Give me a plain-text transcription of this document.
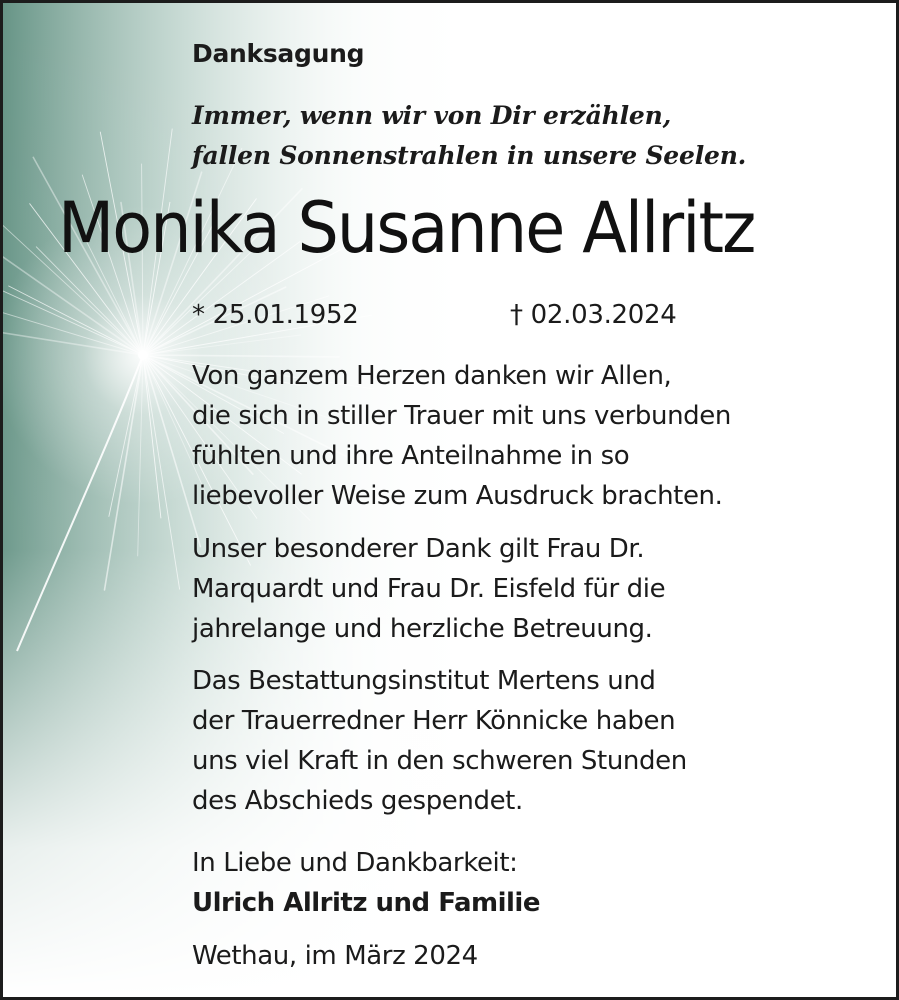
Danksagung
Immer, wenn wir von Dir erzählen,
fallen Sonnenstrahlen in unsere Seelen.
Monika Susanne Allritz
* 25.01.1952	† 02.03.2024
Von ganzem Herzen danken wir Allen,
die sich in stiller Trauer mit uns verbunden
fühlten und ihre Anteilnahme in so
liebevoller Weise zum Ausdruck brachten.
Unser besonderer Dank gilt Frau Dr.
Marquardt und Frau Dr. Eisfeld für die
jahrelange und herzliche Betreuung.
Das Bestattungsinstitut Mertens und
der Trauerredner Herr Könnicke haben
uns viel Kraft in den schweren Stunden
des Abschieds gespendet.
In Liebe und Dankbarkeit:
Ulrich Allritz und Familie
Wethau, im März 2024
